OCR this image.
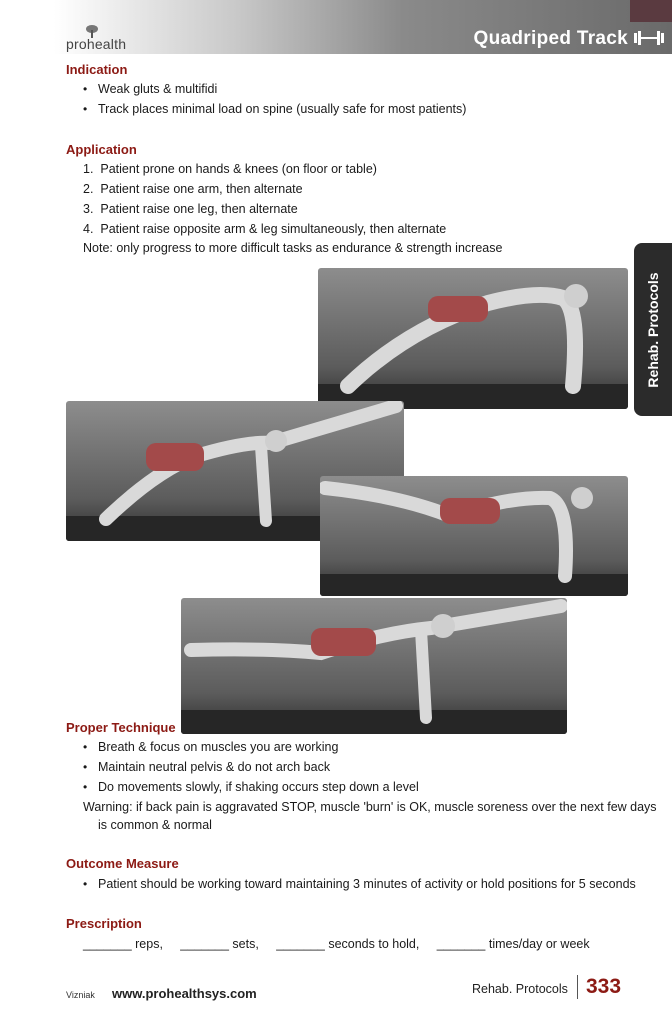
prohealth	Quadriped Track
Rehab. Protocols
Indication
• Weak gluts & multifidi

• Track places minimal load on spine (usually safe for most patients)

Application

1.  Patient prone on hands & knees (on floor or table)

2.  Patient raise one arm, then alternate

3.  Patient raise one leg, then alternate

4.  Patient raise opposite arm & leg simultaneously, then alternate

Note: only progress to more difficult tasks as endurance & strength increase

Proper Technique
• Breath & focus on muscles you are working

• Maintain neutral pelvis & do not arch back

• Do movements slowly, if shaking occurs step down a level

Warning: if back pain is aggravated STOP, muscle 'burn' is OK, muscle soreness over the next few days

is common & normal

Outcome Measure
• Patient should be working toward maintaining 3 minutes of activity or hold positions for 5 seconds

Prescription

_______ reps,     _______ sets,     _______ seconds to hold,     _______ times/day or week

Vizniak www.prohealthsys.com	Rehab. Protocols 333
